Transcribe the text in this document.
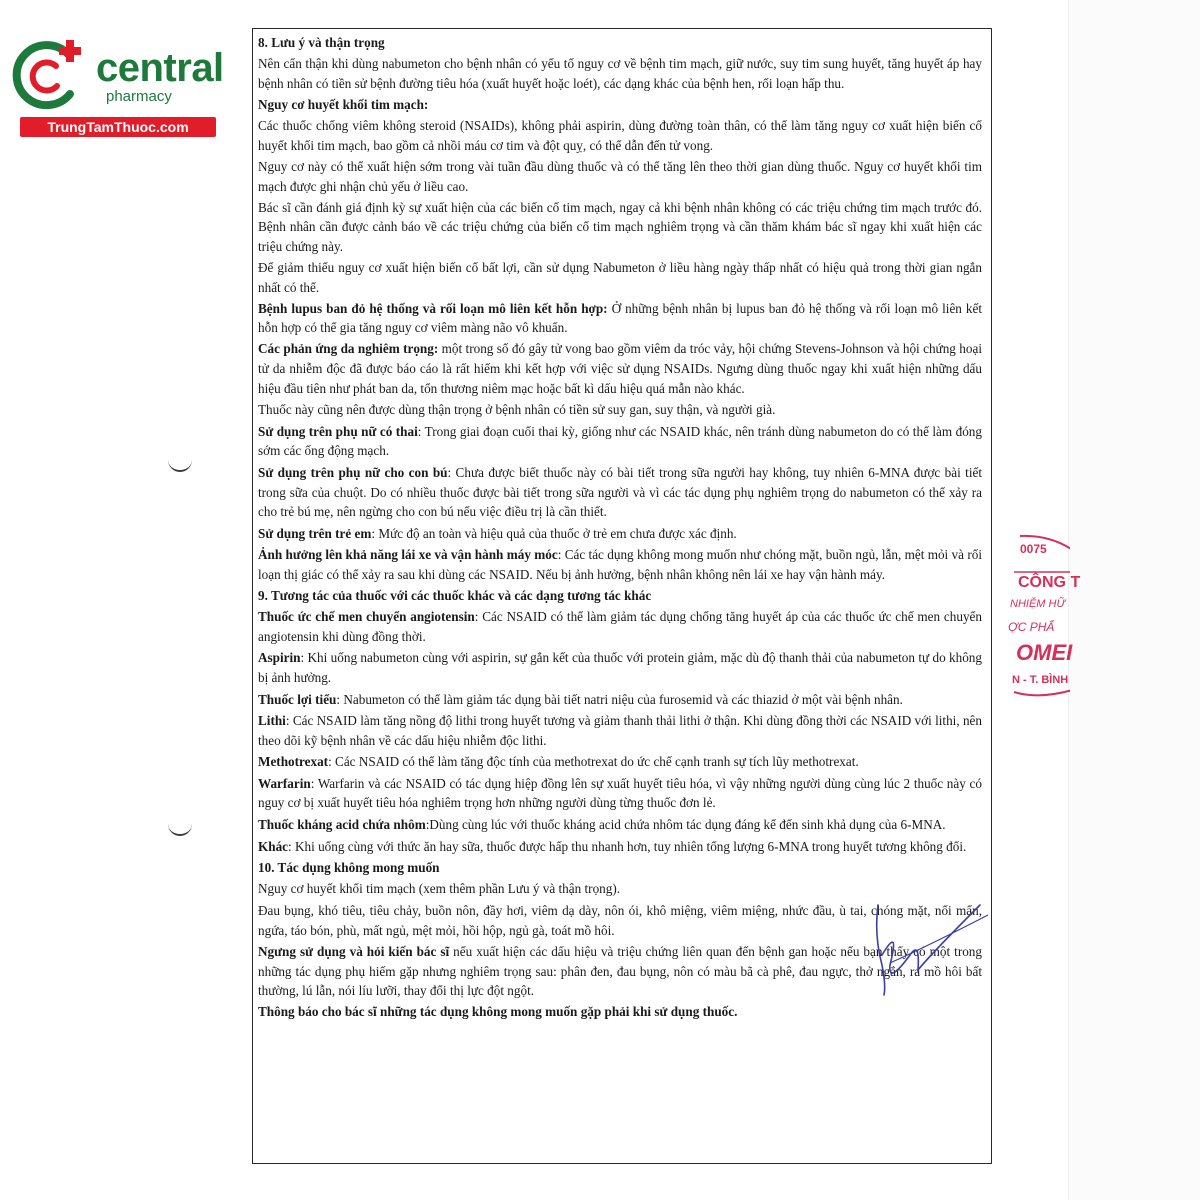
central
pharmacy
TrungTamThuoc.com
0075
CÔNG T
NHIỆM HỮ
ỢC PHẨ
OMEI
N - T. BÌNH

8. Lưu ý và thận trọng

Nên cẩn thận khi dùng nabumeton cho bệnh nhân có yếu tố nguy cơ về bệnh tim mạch, giữ nước, suy tim sung huyết, tăng huyết áp hay bệnh nhân có tiền sử bệnh đường tiêu hóa (xuất huyết hoặc loét), các dạng khác của bệnh hen, rối loạn hấp thu.

Nguy cơ huyết khối tim mạch:

Các thuốc chống viêm không steroid (NSAIDs), không phải aspirin, dùng đường toàn thân, có thể làm tăng nguy cơ xuất hiện biến cố huyết khối tim mạch, bao gồm cả nhồi máu cơ tim và đột quỵ, có thể dẫn đến tử vong.

Nguy cơ này có thể xuất hiện sớm trong vài tuần đầu dùng thuốc và có thể tăng lên theo thời gian dùng thuốc. Nguy cơ huyết khối tim mạch được ghi nhận chủ yếu ở liều cao.

Bác sĩ cần đánh giá định kỳ sự xuất hiện của các biến cố tim mạch, ngay cả khi bệnh nhân không có các triệu chứng tim mạch trước đó. Bệnh nhân cần được cảnh báo về các triệu chứng của biến cố tim mạch nghiêm trọng và cần thăm khám bác sĩ ngay khi xuất hiện các triệu chứng này.

Để giảm thiểu nguy cơ xuất hiện biến cố bất lợi, cần sử dụng Nabumeton ở liều hàng ngày thấp nhất có hiệu quả trong thời gian ngắn nhất có thể.

Bệnh lupus ban đỏ hệ thống và rối loạn mô liên kết hỗn hợp: Ở những bệnh nhân bị lupus ban đỏ hệ thống và rối loạn mô liên kết hỗn hợp có thể gia tăng nguy cơ viêm màng não vô khuẩn.

Các phản ứng da nghiêm trọng: một trong số đó gây tử vong bao gồm viêm da tróc vảy, hội chứng Stevens-Johnson và hội chứng hoại tử da nhiễm độc đã được báo cáo là rất hiếm khi kết hợp với việc sử dụng NSAIDs. Ngưng dùng thuốc ngay khi xuất hiện những dấu hiệu đầu tiên như phát ban da, tổn thương niêm mạc hoặc bất kì dấu hiệu quá mẫn nào khác.

Thuốc này cũng nên được dùng thận trọng ở bệnh nhân có tiền sử suy gan, suy thận, và người già.

Sử dụng trên phụ nữ có thai: Trong giai đoạn cuối thai kỳ, giống như các NSAID khác, nên tránh dùng nabumeton do có thể làm đóng sớm các ống động mạch.

Sử dụng trên phụ nữ cho con bú: Chưa được biết thuốc này có bài tiết trong sữa người hay không, tuy nhiên 6-MNA được bài tiết trong sữa của chuột. Do có nhiều thuốc được bài tiết trong sữa người và vì các tác dụng phụ nghiêm trọng do nabumeton có thể xảy ra cho trẻ bú mẹ, nên ngừng cho con bú nếu việc điều trị là cần thiết.

Sử dụng trên trẻ em: Mức độ an toàn và hiệu quả của thuốc ở trẻ em chưa được xác định.

Ảnh hưởng lên khả năng lái xe và vận hành máy móc: Các tác dụng không mong muốn như chóng mặt, buồn ngủ, lẫn, mệt mỏi và rối loạn thị giác có thể xảy ra sau khi dùng các NSAID. Nếu bị ảnh hưởng, bệnh nhân không nên lái xe hay vận hành máy.

9. Tương tác của thuốc với các thuốc khác và các dạng tương tác khác

Thuốc ức chế men chuyển angiotensin: Các NSAID có thể làm giảm tác dụng chống tăng huyết áp của các thuốc ức chế men chuyển angiotensin khi dùng đồng thời.

Aspirin: Khi uống nabumeton cùng với aspirin, sự gắn kết của thuốc với protein giảm, mặc dù độ thanh thải của nabumeton tự do không bị ảnh hưởng.

Thuốc lợi tiểu: Nabumeton có thể làm giảm tác dụng bài tiết natri niệu của furosemid và các thiazid ở một vài bệnh nhân.

Lithi: Các NSAID làm tăng nồng độ lithi trong huyết tương và giảm thanh thải lithi ở thận. Khi dùng đồng thời các NSAID với lithi, nên theo dõi kỹ bệnh nhân về các dấu hiệu nhiễm độc lithi.

Methotrexat: Các NSAID có thể làm tăng độc tính của methotrexat do ức chế cạnh tranh sự tích lũy methotrexat.

Warfarin: Warfarin và các NSAID có tác dụng hiệp đồng lên sự xuất huyết tiêu hóa, vì vậy những người dùng cùng lúc 2 thuốc này có nguy cơ bị xuất huyết tiêu hóa nghiêm trọng hơn những người dùng từng thuốc đơn lẻ.

Thuốc kháng acid chứa nhôm:Dùng cùng lúc với thuốc kháng acid chứa nhôm tác dụng đáng kể đến sinh khả dụng của 6-MNA.

Khác: Khi uống cùng với thức ăn hay sữa, thuốc được hấp thu nhanh hơn, tuy nhiên tổng lượng 6-MNA trong huyết tương không đổi.

10. Tác dụng không mong muốn

Nguy cơ huyết khối tim mạch (xem thêm phần Lưu ý và thận trọng).

Đau bụng, khó tiêu, tiêu chảy, buồn nôn, đầy hơi, viêm dạ dày, nôn ói, khô miệng, viêm miệng, nhức đầu, ù tai, chóng mặt, nổi mẩn, ngứa, táo bón, phù, mất ngủ, mệt mỏi, hồi hộp, ngủ gà, toát mồ hôi.

Ngưng sử dụng và hỏi kiến bác sĩ nếu xuất hiện các dấu hiệu và triệu chứng liên quan đến bệnh gan hoặc nếu bạn thấy có một trong những tác dụng phụ hiếm gặp nhưng nghiêm trọng sau: phân đen, đau bụng, nôn có màu bã cà phê, đau ngực, thở ngắn, ra mồ hôi bất thường, lú lẫn, nói líu lưỡi, thay đổi thị lực đột ngột.

Thông báo cho bác sĩ những tác dụng không mong muốn gặp phải khi sử dụng thuốc.
